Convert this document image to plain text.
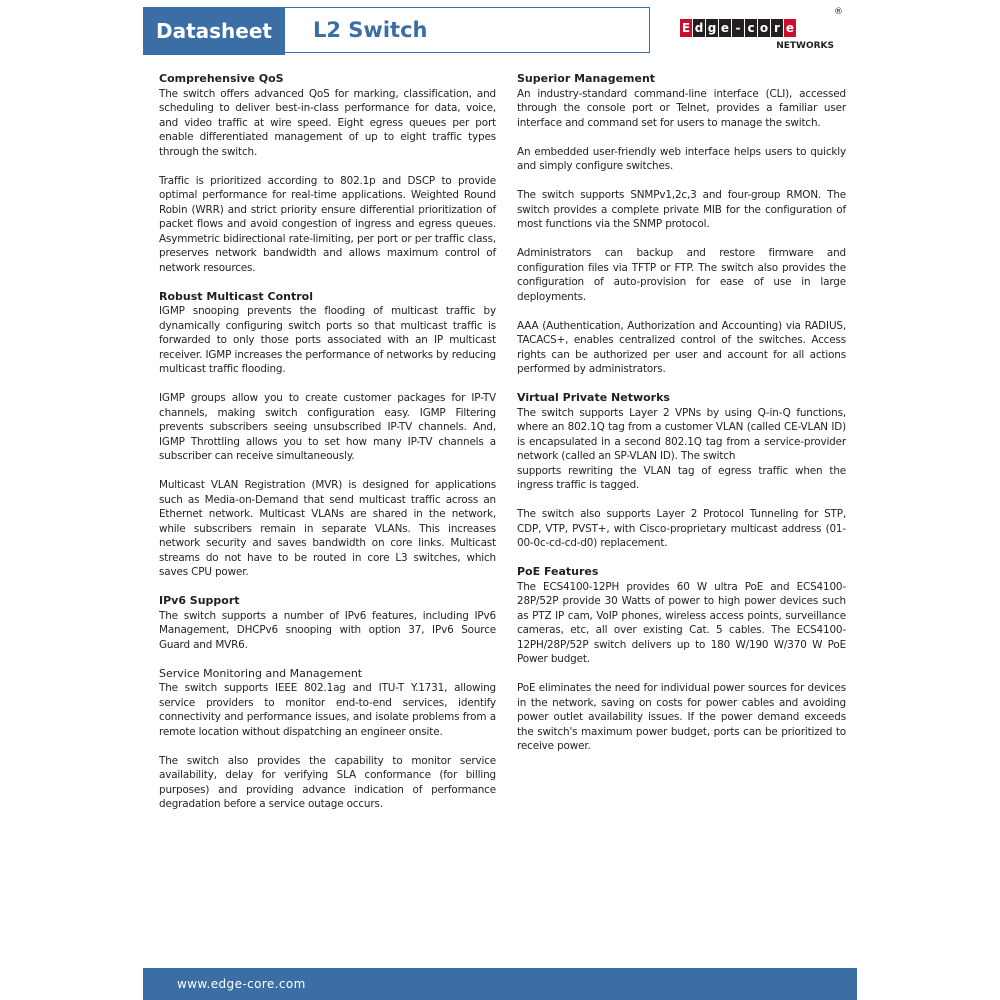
Datasheet	L2 Switch	E d g e - c o r e
®
NETWORKS
Comprehensive QoS

The switch offers advanced QoS for marking, classification, and scheduling to deliver best-in-class performance for data, voice, and video traffic at wire speed. Eight egress queues per port enable differentiated management of up to eight traffic types through the switch.

Traffic is prioritized according to 802.1p and DSCP to provide optimal performance for real-time applications. Weighted Round Robin (WRR) and strict priority ensure differential prioritization of packet flows and avoid congestion of ingress and egress queues. Asymmetric bidirectional rate-limiting, per port or per traffic class, preserves network bandwidth and allows maximum control of network resources.

Robust Multicast Control

IGMP snooping prevents the flooding of multicast traffic by dynamically configuring switch ports so that multicast traffic is forwarded to only those ports associated with an IP multicast receiver. IGMP increases the performance of networks by reducing multicast traffic flooding.

IGMP groups allow you to create customer packages for IP-TV channels, making switch configuration easy. IGMP Filtering prevents subscribers seeing unsubscribed IP-TV channels. And, IGMP Throttling allows you to set how many IP-TV channels a subscriber can receive simultaneously.

Multicast VLAN Registration (MVR) is designed for applications such as Media-on-Demand that send multicast traffic across an Ethernet network. Multicast VLANs are shared in the network, while subscribers remain in separate VLANs. This increases network security and saves bandwidth on core links. Multicast streams do not have to be routed in core L3 switches, which saves CPU power.

IPv6 Support

The switch supports a number of IPv6 features, including IPv6 Management, DHCPv6 snooping with option 37, IPv6 Source Guard and MVR6.

Service Monitoring and Management

The switch supports IEEE 802.1ag and ITU-T Y.1731, allowing service providers to monitor end-to-end services, identify connectivity and performance issues, and isolate problems from a remote location without dispatching an engineer onsite.

The switch also provides the capability to monitor service availability, delay for verifying SLA conformance (for billing purposes) and providing advance indication of performance degradation before a service outage occurs.

Superior Management

An industry-standard command-line interface (CLI), accessed through the console port or Telnet, provides a familiar user interface and command set for users to manage the switch.

An embedded user-friendly web interface helps users to quickly and simply configure switches.

The switch supports SNMPv1,2c,3 and four-group RMON. The switch provides a complete private MIB for the configuration of most functions via the SNMP protocol.

Administrators can backup and restore firmware and configuration files via TFTP or FTP. The switch also provides the configuration of auto-provision for ease of use in large deployments.

AAA (Authentication, Authorization and Accounting) via RADIUS, TACACS+, enables centralized control of the switches. Access rights can be authorized per user and account for all actions performed by administrators.

Virtual Private Networks

The switch supports Layer 2 VPNs by using Q-in-Q functions, where an 802.1Q tag from a customer VLAN (called CE-VLAN ID) is encapsulated in a second 802.1Q tag from a service-provider network (called an SP-VLAN ID). The switch

supports rewriting the VLAN tag of egress traffic when the ingress traffic is tagged.

The switch also supports Layer 2 Protocol Tunneling for STP, CDP, VTP, PVST+, with Cisco-proprietary multicast address (01-00-0c-cd-cd-d0) replacement.

PoE Features

The ECS4100-12PH provides 60 W ultra PoE and ECS4100-28P/52P provide 30 Watts of power to high power devices such as PTZ IP cam, VoIP phones, wireless access points, surveillance cameras, etc, all over existing Cat. 5 cables. The ECS4100-12PH/28P/52P switch delivers up to 180 W/190 W/370 W PoE Power budget.

PoE eliminates the need for individual power sources for devices in the network, saving on costs for power cables and avoiding power outlet availability issues. If the power demand exceeds the switch's maximum power budget, ports can be prioritized to receive power.

www.edge-core.com
